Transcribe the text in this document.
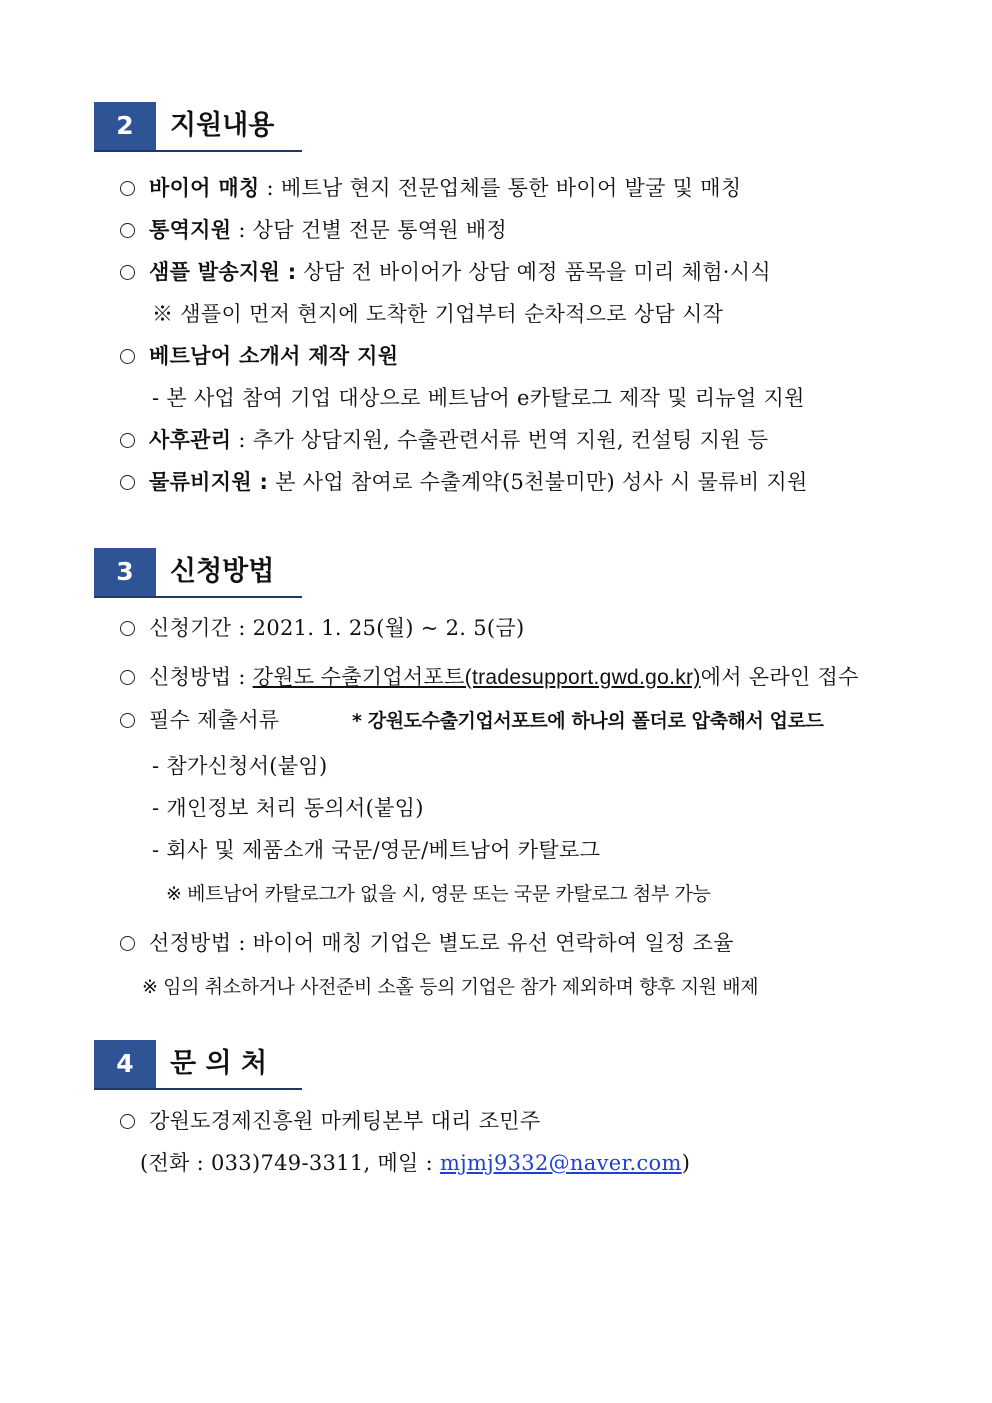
2	지원내용
바이어 매칭 : 베트남 현지 전문업체를 통한 바이어 발굴 및 매칭
통역지원 : 상담 건별 전문 통역원 배정
샘플 발송지원 : 상담 전 바이어가 상담 예정 품목을 미리 체험·시식
※ 샘플이 먼저 현지에 도착한 기업부터 순차적으로 상담 시작
베트남어 소개서 제작 지원
- 본 사업 참여 기업 대상으로 베트남어 e카탈로그 제작 및 리뉴얼 지원
사후관리 : 추가 상담지원, 수출관련서류 번역 지원, 컨설팅 지원 등
물류비지원 : 본 사업 참여로 수출계약(5천불미만) 성사 시 물류비 지원
3	신청방법
신청기간 : 2021. 1. 25(월) ~ 2. 5(금)
신청방법 : 강원도 수출기업서포트(tradesupport.gwd.go.kr)에서 온라인 접수
필수 제출서류	* 강원도수출기업서포트에 하나의 폴더로 압축해서 업로드
- 참가신청서(붙임)
- 개인정보 처리 동의서(붙임)
- 회사 및 제품소개 국문/영문/베트남어 카탈로그
※ 베트남어 카탈로그가 없을 시, 영문 또는 국문 카탈로그 첨부 가능
선정방법 : 바이어 매칭 기업은 별도로 유선 연락하여 일정 조율
※ 임의 취소하거나 사전준비 소홀 등의 기업은 참가 제외하며 향후 지원 배제
4	문 의 처
강원도경제진흥원 마케팅본부 대리 조민주
(전화 : 033)749-3311, 메일 : mjmj9332@naver.com)
